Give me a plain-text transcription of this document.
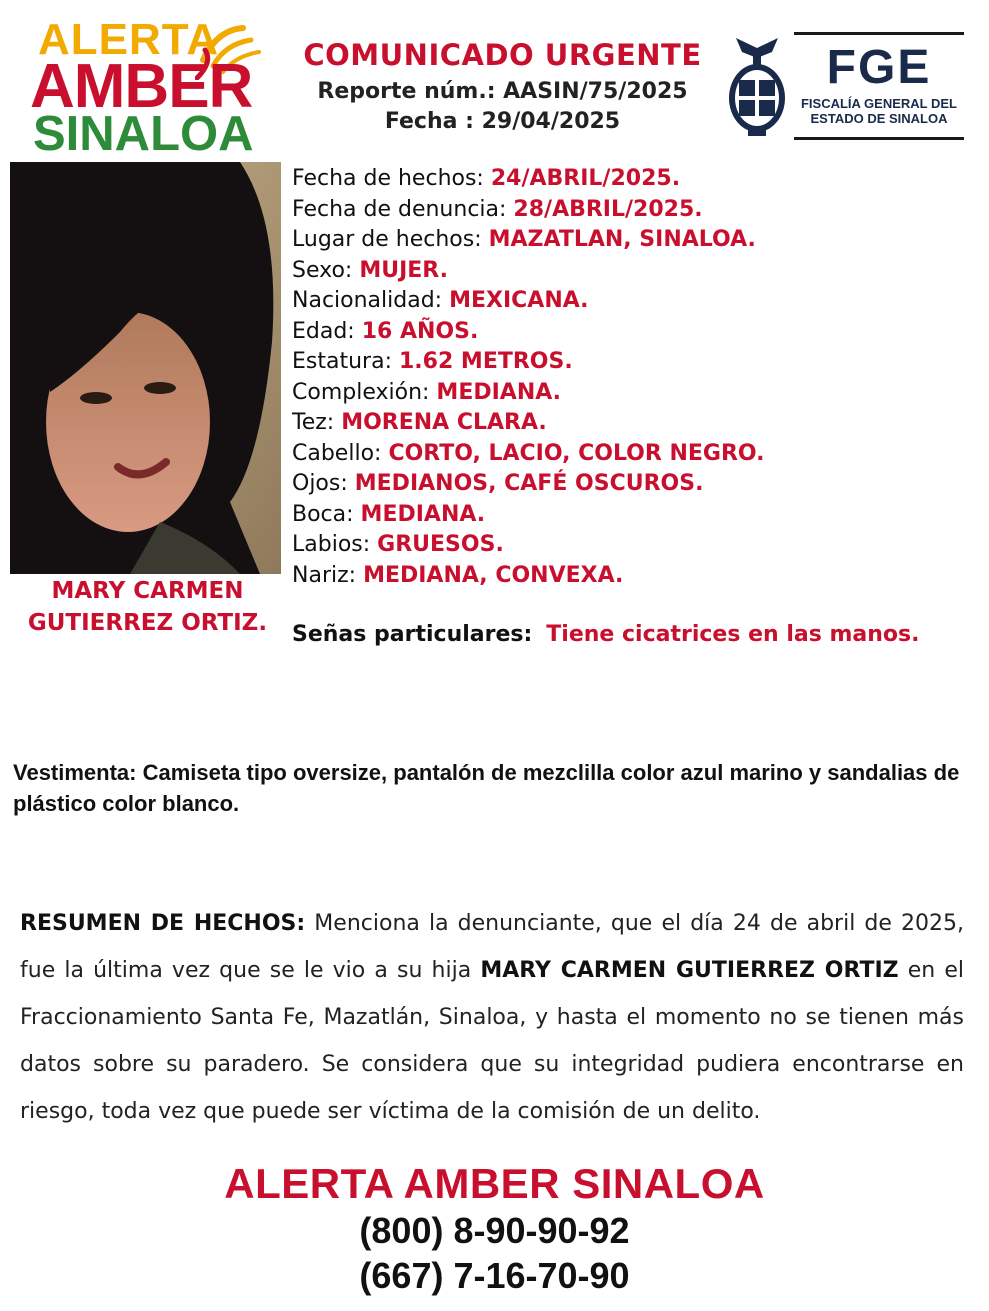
ALERTA
AMBER
SINALOA
COMUNICADO URGENTE
Reporte núm.: AASIN/75/2025
Fecha : 29/04/2025
FGE
FISCALÍA GENERAL DEL
ESTADO DE SINALOA
MARY CARMEN
GUTIERREZ ORTIZ.
Fecha de hechos: 24/ABRIL/2025.
Fecha de denuncia: 28/ABRIL/2025.
Lugar de hechos: MAZATLAN, SINALOA.
Sexo: MUJER.
Nacionalidad: MEXICANA.
Edad: 16 AÑOS.
Estatura: 1.62 METROS.
Complexión: MEDIANA.
Tez: MORENA CLARA.
Cabello: CORTO, LACIO, COLOR NEGRO.
Ojos: MEDIANOS, CAFÉ OSCUROS.
Boca: MEDIANA.
Labios: GRUESOS.
Nariz: MEDIANA, CONVEXA.
Señas particulares: Tiene cicatrices en las manos.
Vestimenta: Camiseta tipo oversize, pantalón de mezclilla color azul marino y sandalias de plástico color blanco.
RESUMEN DE HECHOS: Menciona la denunciante, que el día 24 de abril de 2025, fue la última vez que se le vio a su hija MARY CARMEN GUTIERREZ ORTIZ en el Fraccionamiento Santa Fe, Mazatlán, Sinaloa, y hasta el momento no se tienen más datos sobre su paradero. Se considera que su integridad pudiera encontrarse en riesgo, toda vez que puede ser víctima de la comisión de un delito.
ALERTA AMBER SINALOA
(800) 8-90-90-92
(667) 7-16-70-90
